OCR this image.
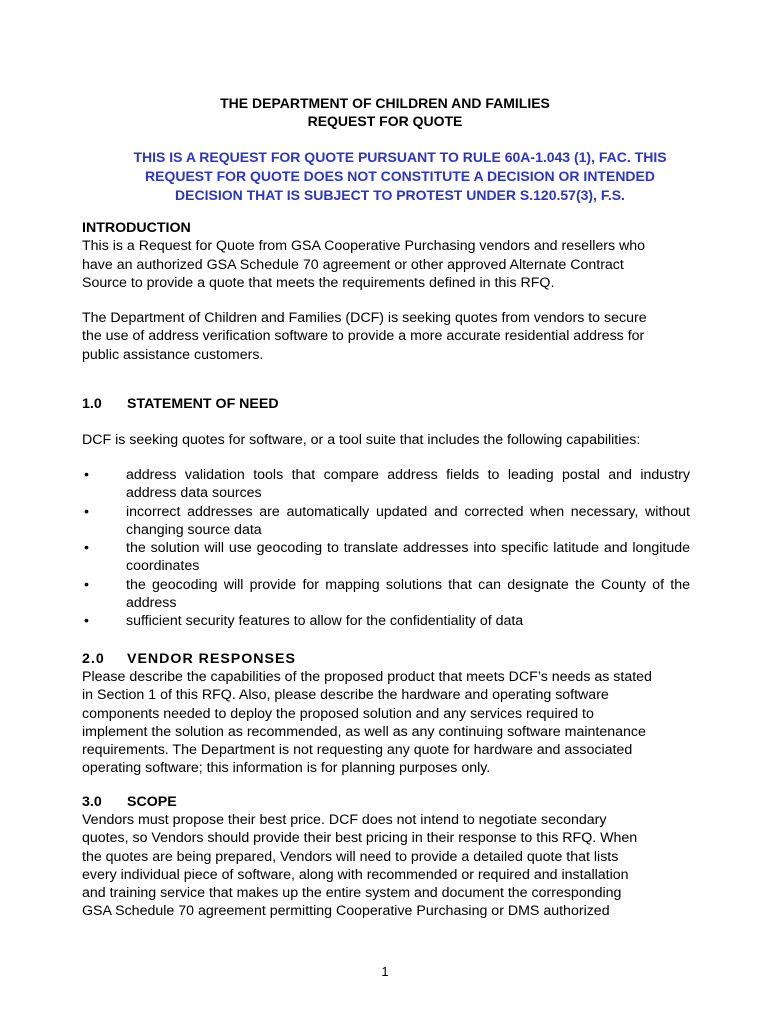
THE DEPARTMENT OF CHILDREN AND FAMILIES
REQUEST FOR QUOTE
THIS IS A REQUEST FOR QUOTE PURSUANT TO RULE 60A-1.043 (1), FAC. THIS
REQUEST FOR QUOTE DOES NOT CONSTITUTE A DECISION OR INTENDED
DECISION THAT IS SUBJECT TO PROTEST UNDER S.120.57(3), F.S.
INTRODUCTION
This is a Request for Quote from GSA Cooperative Purchasing vendors and resellers who
have an authorized GSA Schedule 70 agreement or other approved Alternate Contract
Source to provide a quote that meets the requirements defined in this RFQ.
The Department of Children and Families (DCF) is seeking quotes from vendors to secure
the use of address verification software to provide a more accurate residential address for
public assistance customers.
1.0 STATEMENT OF NEED
DCF is seeking quotes for software, or a tool suite that includes the following capabilities:
•	address validation tools that compare address fields to leading postal and industry address data sources
•	incorrect addresses are automatically updated and corrected when necessary, without changing source data
•	the solution will use geocoding to translate addresses into specific latitude and longitude coordinates
•	the geocoding will provide for mapping solutions that can designate the County of the address
•	sufficient security features to allow for the confidentiality of data
2.0 VENDOR RESPONSES
Please describe the capabilities of the proposed product that meets DCF’s needs as stated
in Section 1 of this RFQ. Also, please describe the hardware and operating software
components needed to deploy the proposed solution and any services required to
implement the solution as recommended, as well as any continuing software maintenance
requirements. The Department is not requesting any quote for hardware and associated
operating software; this information is for planning purposes only.
3.0 SCOPE
Vendors must propose their best price. DCF does not intend to negotiate secondary
quotes, so Vendors should provide their best pricing in their response to this RFQ. When
the quotes are being prepared, Vendors will need to provide a detailed quote that lists
every individual piece of software, along with recommended or required and installation
and training service that makes up the entire system and document the corresponding
GSA Schedule 70 agreement permitting Cooperative Purchasing or DMS authorized
1
